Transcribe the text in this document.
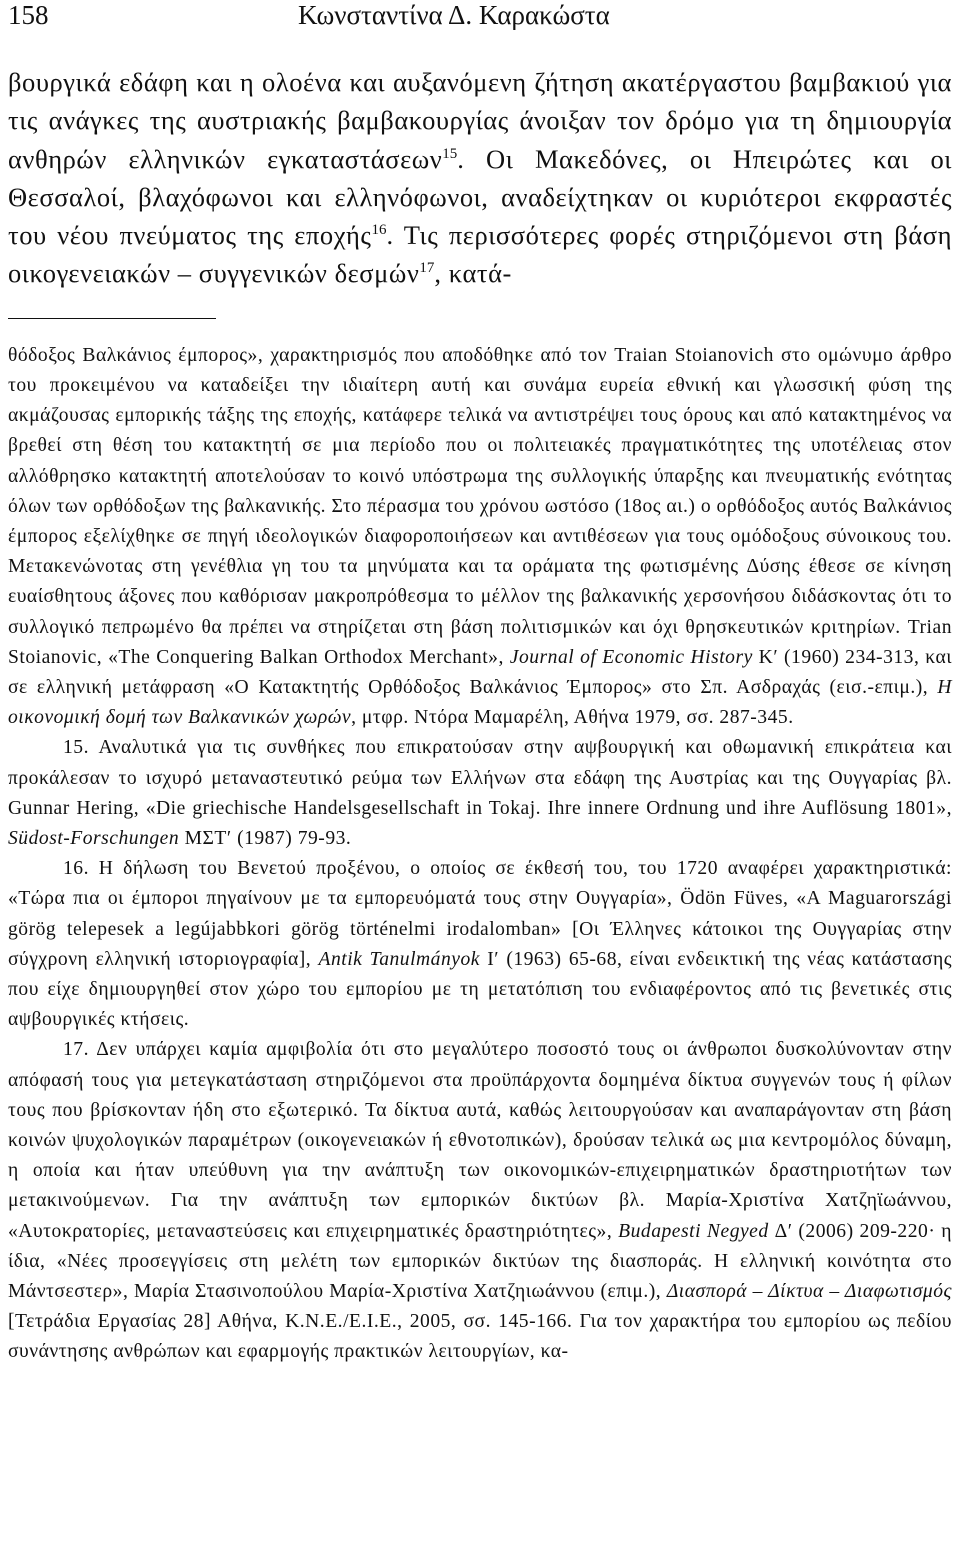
158	Κωνσταντίνα Δ. Καρακώστα
βουργικά εδάφη και η ολοένα και αυξανόμενη ζήτηση ακατέργαστου βαμβακιού για τις ανάγκες της αυστριακής βαμβακουργίας άνοιξαν τον δρόμο για τη δημιουργία ανθηρών ελληνικών εγκαταστάσεων$^{15}$. Οι Μακεδόνες, οι Ηπειρώτες και οι Θεσσαλοί, βλαχόφωνοι και ελληνόφωνοι, αναδείχτηκαν οι κυριότεροι εκφραστές του νέου πνεύματος της εποχής$^{16}$. Τις περισσότερες φορές στηριζόμενοι στη βάση οικογενειακών – συγγενικών δεσμών$^{17}$, κατά-

θόδοξος Βαλκάνιος έμπορος», χαρακτηρισμός που αποδόθηκε από τον Traian Stoianovich στο ομώνυμο άρθρο του προκειμένου να καταδείξει την ιδιαίτερη αυτή και συνάμα ευρεία εθνική και γλωσσική φύση της ακμάζουσας εμπορικής τάξης της εποχής, κατάφερε τελικά να αντιστρέψει τους όρους και από κατακτημένος να βρεθεί στη θέση του κατακτητή σε μια περίοδο που οι πολιτειακές πραγματικότητες της υποτέλειας στον αλλόθρησκο κατακτητή αποτελούσαν το κοινό υπόστρωμα της συλλογικής ύπαρξης και πνευματικής ενότητας όλων των ορθόδοξων της βαλκανικής. Στο πέρασμα του χρόνου ωστόσο (18ος αι.) ο ορθόδοξος αυτός Βαλκάνιος έμπορος εξελίχθηκε σε πηγή ιδεολογικών διαφοροποιήσεων και αντιθέσεων για τους ομόδοξους σύνοικους του. Μετακενώνοτας στη γενέθλια γη του τα μηνύματα και τα οράματα της φωτισμένης Δύσης έθεσε σε κίνηση ευαίσθητους άξονες που καθόρισαν μακροπρόθεσμα το μέλλον της βαλκανικής χερσονήσου διδάσκοντας ότι το συλλογικό πεπρωμένο θα πρέπει να στηρίζεται στη βάση πολιτισμικών και όχι θρησκευτικών κριτηρίων. Trian Stoianovic, «The Conquering Balkan Orthodox Merchant», Journal of Economic History Κ′ (1960) 234-313, και σε ελληνική μετάφραση «Ο Κατακτητής Ορθόδοξος Βαλκάνιος Έμπορος» στο Σπ. Ασδραχάς (εισ.-επιμ.), Η οικονομική δομή των Βαλκανικών χωρών, μτφρ. Ντόρα Μαμαρέλη, Αθήνα 1979, σσ. 287-345.

15. Αναλυτικά για τις συνθήκες που επικρατούσαν στην αψβουργική και οθωμανική επικράτεια και προκάλεσαν το ισχυρό μεταναστευτικό ρεύμα των Ελλήνων στα εδάφη της Αυστρίας και της Ουγγαρίας βλ. Gunnar Hering, «Die griechische Handelsgesellschaft in Tokaj. Ihre innere Ordnung und ihre Auflösung 1801», Südost-Forschungen ΜΣΤ′ (1987) 79-93.

16. Η δήλωση του Βενετού προξένου, ο οποίος σε έκθεσή του, του 1720 αναφέρει χαρακτηριστικά: «Τώρα πια οι έμποροι πηγαίνουν με τα εμπορευόματά τους στην Ουγγαρία», Ödön Füves, «A Maguarországi görög telepesek a legújabbkori görög történelmi irodalomban» [Οι Έλληνες κάτοικοι της Ουγγαρίας στην σύγχρονη ελληνική ιστοριογραφία], Antik Tanulmányok Ι′ (1963) 65-68, είναι ενδεικτική της νέας κατάστασης που είχε δημιουργηθεί στον χώρο του εμπορίου με τη μετατόπιση του ενδιαφέροντος από τις βενετικές στις αψβουργικές κτήσεις.

17. Δεν υπάρχει καμία αμφιβολία ότι στο μεγαλύτερο ποσοστό τους οι άνθρωποι δυσκολύνονταν στην απόφασή τους για μετεγκατάσταση στηριζόμενοι στα προϋπάρχοντα δομημένα δίκτυα συγγενών τους ή φίλων τους που βρίσκονταν ήδη στο εξωτερικό. Τα δίκτυα αυτά, καθώς λειτουργούσαν και αναπαράγονταν στη βάση κοινών ψυχολογικών παραμέτρων (οικογενειακών ή εθνοτοπικών), δρούσαν τελικά ως μια κεντρομόλος δύναμη, η οποία και ήταν υπεύθυνη για την ανάπτυξη των οικονομικών-επιχειρηματικών δραστηριοτήτων των μετακινούμενων. Για την ανάπτυξη των εμπορικών δικτύων βλ. Μαρία-Χριστίνα Χατζηϊωάννου, «Αυτοκρατορίες, μεταναστεύσεις και επιχειρηματικές δραστηριότητες», Budapesti Negyed Δ′ (2006) 209-220· η ίδια, «Νέες προσεγγίσεις στη μελέτη των εμπορικών δικτύων της διασποράς. Η ελληνική κοινότητα στο Μάντσεστερ», Μαρία Στασινοπούλου Μαρία-Χριστίνα Χατζηιωάννου (επιμ.), Διασπορά – Δίκτυα – Διαφωτισμός [Τετράδια Εργασίας 28] Αθήνα, Κ.Ν.Ε./Ε.Ι.Ε., 2005, σσ. 145-166. Για τον χαρακτήρα του εμπορίου ως πεδίου συνάντησης ανθρώπων και εφαρμογής πρακτικών λειτουργίων, κα-
